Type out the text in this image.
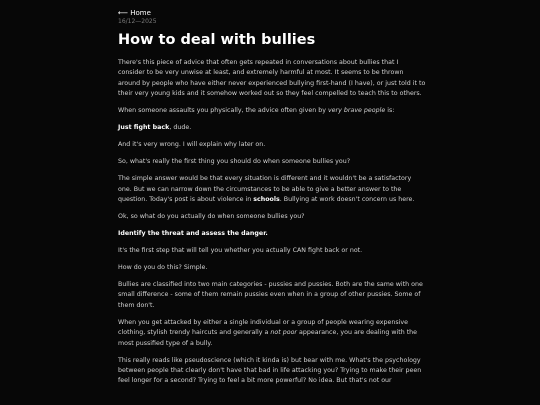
⟵ Home
16/12⁠—2025
How to deal with bullies

There's this piece of advice that often gets repeated in conversations about bullies that I consider to be very unwise at least, and extremely harmful at most. It seems to be thrown around by people who have either never experienced bullying first-hand (I have), or just told it to their very young kids and it somehow worked out so they feel compelled to teach this to others.

When someone assaults you physically, the advice often given by very brave people is:

Just fight back, dude.

And it's very wrong. I will explain why later on.

So, what's really the first thing you should do when someone bullies you?

The simple answer would be that every situation is different and it wouldn't be a satisfactory one. But we can narrow down the circumstances to be able to give a better answer to the question. Today's post is about violence in schools. Bullying at work doesn't concern us here.

Ok, so what do you actually do when someone bullies you?

Identify the threat and assess the danger.

It's the first step that will tell you whether you actually CAN fight back or not.

How do you do this? Simple.

Bullies are classified into two main categories - pussies and pussies. Both are the same with one small difference - some of them remain pussies even when in a group of other pussies. Some of them don't.

When you get attacked by either a single individual or a group of people wearing expensive clothing, stylish trendy haircuts and generally a not poor appearance, you are dealing with the most pussified type of a bully.

This really reads like pseudoscience (which it kinda is) but bear with me. What's the psychology between people that clearly don't have that bad in life attacking you? Trying to make their peen feel longer for a second? Trying to feel a bit more powerful? No idea. But that's not our
